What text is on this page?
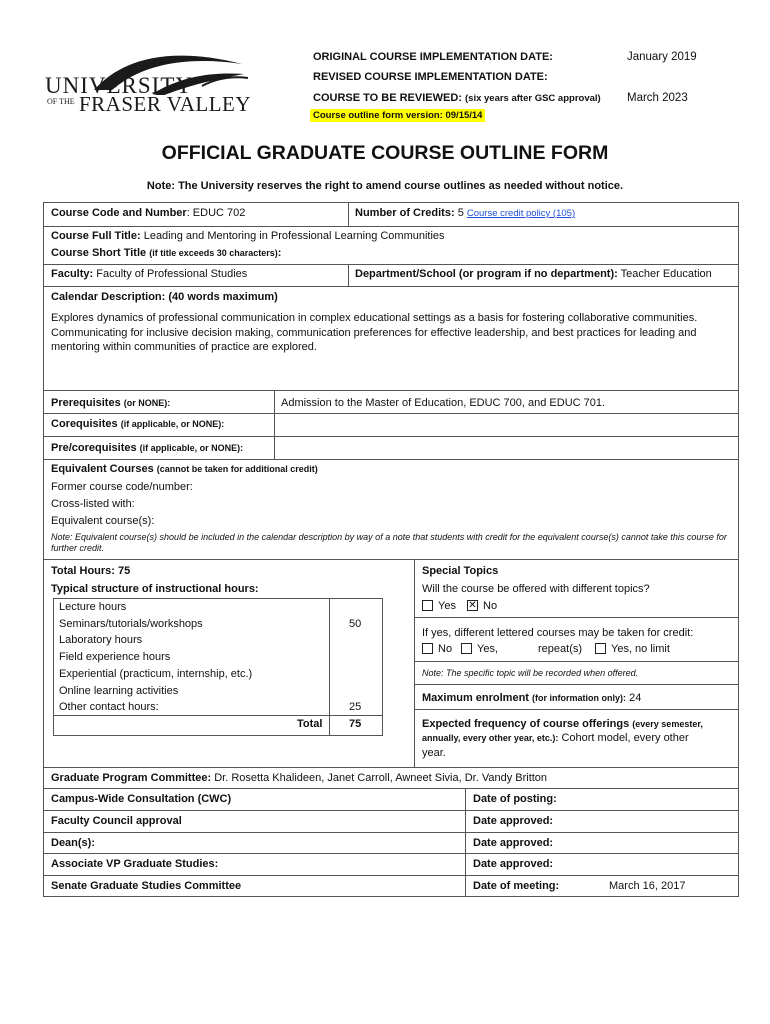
UNIVERSITY
OF THE FRASER VALLEY
ORIGINAL COURSE IMPLEMENTATION DATE:	January 2019
REVISED COURSE IMPLEMENTATION DATE:
COURSE TO BE REVIEWED: (six years after GSC approval) March 2023
Course outline form version: 09/15/14
OFFICIAL GRADUATE COURSE OUTLINE FORM
Note: The University reserves the right to amend course outlines as needed without notice.
Course Code and Number: EDUC 702	Number of Credits: 5 Course credit policy (105)
Course Full Title: Leading and Mentoring in Professional Learning Communities
Course Short Title (if title exceeds 30 characters):
Faculty: Faculty of Professional Studies	Department/School (or program if no department): Teacher Education
Calendar Description: (40 words maximum)
Explores dynamics of professional communication in complex educational settings as a basis for fostering collaborative communities. Communicating for inclusive decision making, communication preferences for effective leadership, and best practices for leading and mentoring within communities of practice are explored.
Prerequisites (or NONE):	Admission to the Master of Education, EDUC 700, and EDUC 701.
Corequisites (if applicable, or NONE):
Pre/corequisites (if applicable, or NONE):
Equivalent Courses (cannot be taken for additional credit)
Former course code/number:
Cross-listed with:
Equivalent course(s):
Note: Equivalent course(s) should be included in the calendar description by way of a note that students with credit for the equivalent course(s) cannot take this course for further credit.
Total Hours: 75
Typical structure of instructional hours:
Lecture hours
Seminars/tutorials/workshops	50
Laboratory hours
Field experience hours
Experiential (practicum, internship, etc.)
Online learning activities
Other contact hours:	25
Total 75
Special Topics
Will the course be offered with different topics?
Yes ✕ No
If yes, different lettered courses may be taken for credit:
No Yes,	repeat(s)	Yes, no limit
Note: The specific topic will be recorded when offered.
Maximum enrolment (for information only): 24
Expected frequency of course offerings (every semester,
annually, every other year, etc.): Cohort model, every other
year.
Graduate Program Committee: Dr. Rosetta Khalideen, Janet Carroll, Awneet Sivia, Dr. Vandy Britton
Campus-Wide Consultation (CWC)	Date of posting:
Faculty Council approval	Date approved:
Dean(s):	Date approved:
Associate VP Graduate Studies:	Date approved:
Senate Graduate Studies Committee	Date of meeting:	March 16, 2017
